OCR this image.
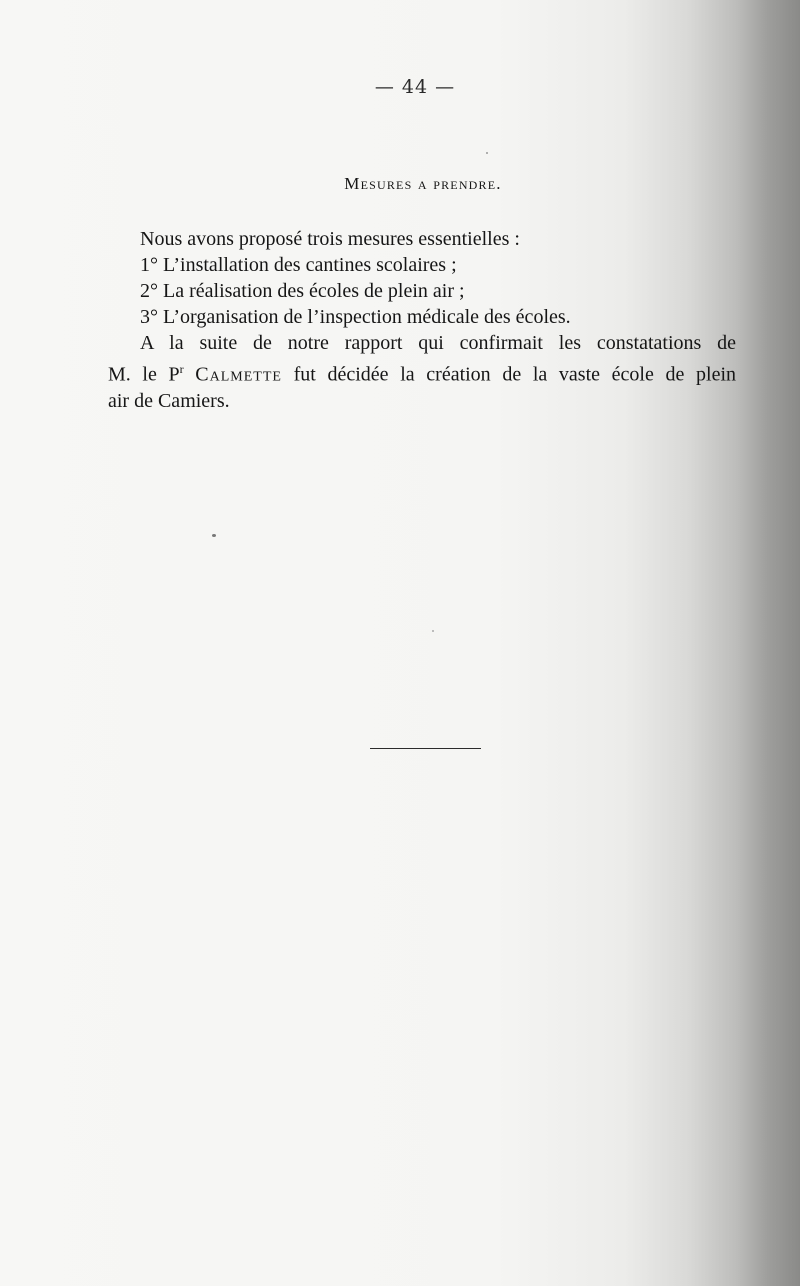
— 44 —
Mesures a prendre.

Nous avons proposé trois mesures essentielles :

1° L’installation des cantines scolaires ;

2° La réalisation des écoles de plein air ;

3° L’organisation de l’inspection médicale des écoles.

A la suite de notre rapport qui confirmait les constatations de

M. le $P^r$ Calmette fut décidée la création de la vaste école de plein

air de Camiers.
